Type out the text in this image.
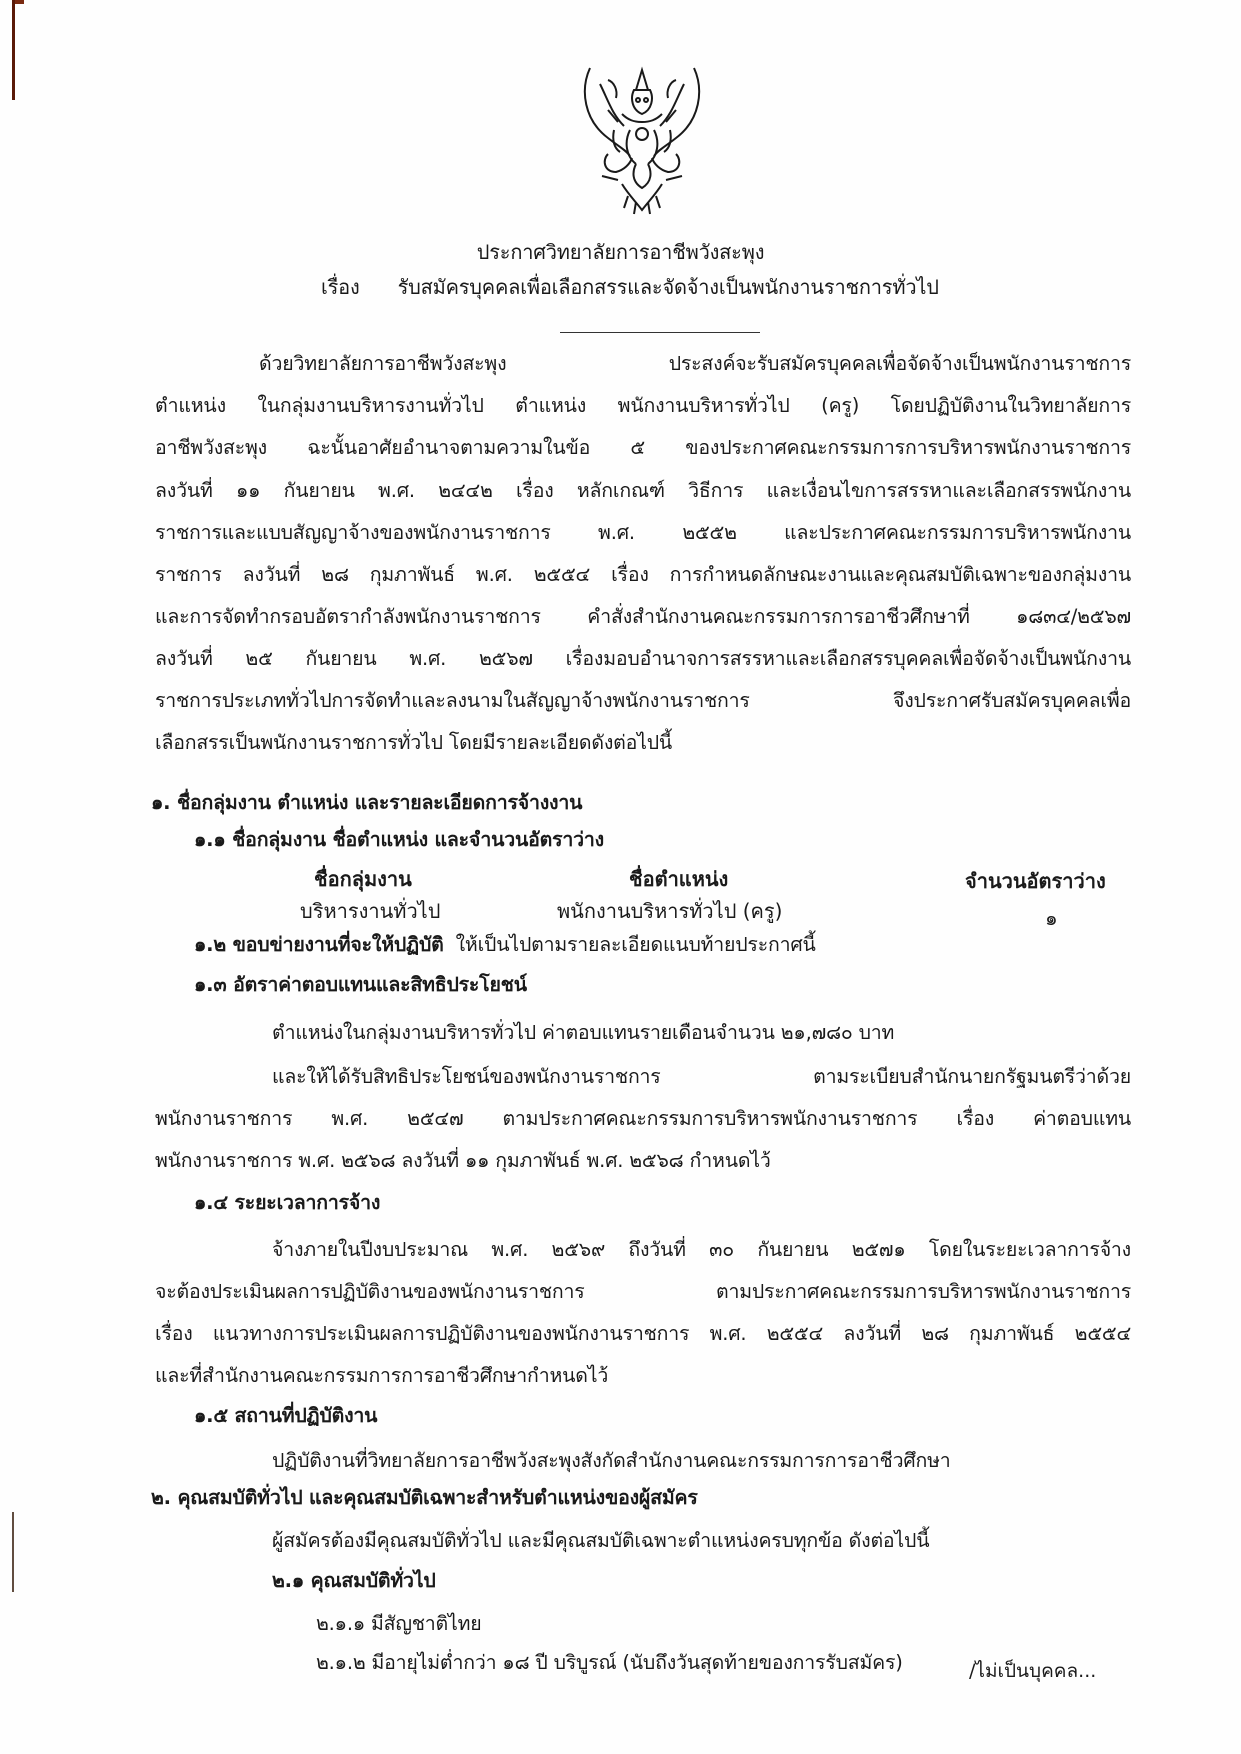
ประกาศวิทยาลัยการอาชีพวังสะพุง
เรื่อง รับสมัครบุคคลเพื่อเลือกสรรและจัดจ้างเป็นพนักงานราชการทั่วไป
ด้วยวิทยาลัยการอาชีพวังสะพุง ประสงค์จะรับสมัครบุคคลเพื่อจัดจ้างเป็นพนักงานราชการ
ตำแหน่ง ในกลุ่มงานบริหารงานทั่วไป ตำแหน่ง พนักงานบริหารทั่วไป (ครู) โดยปฏิบัติงานในวิทยาลัยการ
อาชีพวังสะพุง ฉะนั้นอาศัยอำนาจตามความในข้อ ๕ ของประกาศคณะกรรมการการบริหารพนักงานราชการ
ลงวันที่ ๑๑ กันยายน พ.ศ. ๒๔๔๒ เรื่อง หลักเกณฑ์ วิธีการ และเงื่อนไขการสรรหาและเลือกสรรพนักงาน
ราชการและแบบสัญญาจ้างของพนักงานราชการ พ.ศ. ๒๕๕๒ และประกาศคณะกรรมการบริหารพนักงาน
ราชการ ลงวันที่ ๒๘ กุมภาพันธ์ พ.ศ. ๒๕๕๔ เรื่อง การกำหนดลักษณะงานและคุณสมบัติเฉพาะของกลุ่มงาน
และการจัดทำกรอบอัตรากำลังพนักงานราชการ คำสั่งสำนักงานคณะกรรมการการอาชีวศึกษาที่ ๑๘๓๔/๒๕๖๗
ลงวันที่ ๒๕ กันยายน พ.ศ. ๒๕๖๗ เรื่องมอบอำนาจการสรรหาและเลือกสรรบุคคลเพื่อจัดจ้างเป็นพนักงาน
ราชการประเภททั่วไปการจัดทำและลงนามในสัญญาจ้างพนักงานราชการ จึงประกาศรับสมัครบุคคลเพื่อ
เลือกสรรเป็นพนักงานราชการทั่วไป โดยมีรายละเอียดดังต่อไปนี้
๑. ชื่อกลุ่มงาน ตำแหน่ง และรายละเอียดการจ้างงาน
๑.๑ ชื่อกลุ่มงาน ชื่อตำแหน่ง และจำนวนอัตราว่าง
ชื่อกลุ่มงาน	ชื่อตำแหน่ง	จำนวนอัตราว่าง
บริหารงานทั่วไป	พนักงานบริหารทั่วไป (ครู)	๑
๑.๒ ขอบข่ายงานที่จะให้ปฏิบัติ ให้เป็นไปตามรายละเอียดแนบท้ายประกาศนี้
๑.๓ อัตราค่าตอบแทนและสิทธิประโยชน์
ตำแหน่งในกลุ่มงานบริหารทั่วไป ค่าตอบแทนรายเดือนจำนวน ๒๑,๗๘๐ บาท
และให้ได้รับสิทธิประโยชน์ของพนักงานราชการ ตามระเบียบสำนักนายกรัฐมนตรีว่าด้วย
พนักงานราชการ พ.ศ. ๒๕๔๗ ตามประกาศคณะกรรมการบริหารพนักงานราชการ เรื่อง ค่าตอบแทน
พนักงานราชการ พ.ศ. ๒๕๖๘ ลงวันที่ ๑๑ กุมภาพันธ์ พ.ศ. ๒๕๖๘ กำหนดไว้
๑.๔ ระยะเวลาการจ้าง
จ้างภายในปีงบประมาณ พ.ศ. ๒๕๖๙ ถึงวันที่ ๓๐ กันยายน ๒๕๗๑ โดยในระยะเวลาการจ้าง
จะต้องประเมินผลการปฏิบัติงานของพนักงานราชการ ตามประกาศคณะกรรมการบริหารพนักงานราชการ
เรื่อง แนวทางการประเมินผลการปฏิบัติงานของพนักงานราชการ พ.ศ. ๒๕๕๔ ลงวันที่ ๒๘ กุมภาพันธ์ ๒๕๕๔
และที่สำนักงานคณะกรรมการการอาชีวศึกษากำหนดไว้
๑.๕ สถานที่ปฏิบัติงาน
ปฏิบัติงานที่วิทยาลัยการอาชีพวังสะพุงสังกัดสำนักงานคณะกรรมการการอาชีวศึกษา
๒. คุณสมบัติทั่วไป และคุณสมบัติเฉพาะสำหรับตำแหน่งของผู้สมัคร
ผู้สมัครต้องมีคุณสมบัติทั่วไป และมีคุณสมบัติเฉพาะตำแหน่งครบทุกข้อ ดังต่อไปนี้
๒.๑ คุณสมบัติทั่วไป
๒.๑.๑ มีสัญชาติไทย
๒.๑.๒ มีอายุไม่ต่ำกว่า ๑๘ ปี บริบูรณ์ (นับถึงวันสุดท้ายของการรับสมัคร)	/ไม่เป็นบุคคล...
